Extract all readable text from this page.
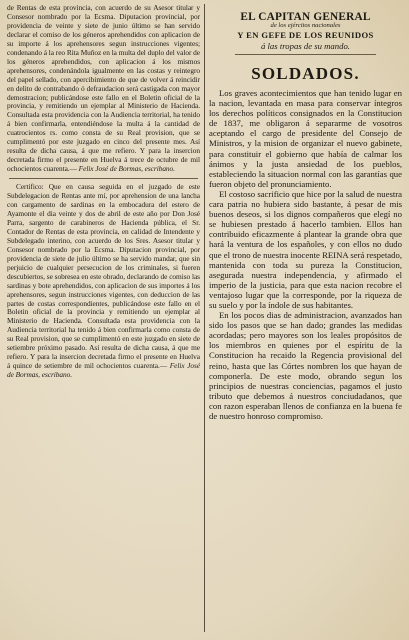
de Rentas de esta provincia, con acuerdo de su Asesor titular y Consesor nombrado por la Ecsma. Diputacion provincial, por providencia de veinte y siete de junio último se han servido declarar el comiso de los géneros aprehendidos con aplicacion de su importe á los aprehensores segun instrucciones vigentes; condenando á la reo Rita Muñoz en la multa del duplo del valor de los géneros aprehendidos, con aplicacion á los mismos aprehensores, condenándola igualmente en las costas y reintegro del papel sellado, con apercibimiento de que de volver á reincidir en delito de contrabando ó defraudacion será castigada con mayor demostracion; publicándose este fallo en el Boletin oficial de la provincia, y remitiendo un ejemplar al Ministerio de Hacienda. Consultada esta providencia con la Audiencia territorial, ha tenido á bien confirmarla, entendiéndose la multa á la cantidad de cuatrocientos rs. como consta de su Real provision, que se cumplimentó por este juzgado en cinco del presente mes. Así resulta de dicha causa, á que me refiero. Y para la insercion decretada firmo el presente en Huelva á trece de octubre de mil ochocientos cuarenta.— Felix José de Bormas, escribano.

Certifico: Que en causa seguida en el juzgado de este Subdelegacion de Rentas ante mí, por aprehension de una lancha con cargamento de sardinas en la embocadura del estero de Ayamonte el dia veinte y dos de abril de este año por Don José Parra, sargento de carabineros de Hacienda pública, el Sr. Contador de Rentas de esta provincia, en calidad de Intendente y Subdelegado interino, con acuerdo de los Sres. Asesor titular y Consesor nombrado por la Ecsma. Diputacion provincial, por providencia de siete de julio último se ha servido mandar, que sin perjuicio de cualquier persecucion de los criminales, si fueren descubiertos, se sobresea en este obrado, declarando de comiso las sardinas y bote aprehendidos, con aplicacion de sus importes á los aprehensores, segun instrucciones vigentes, con deduccion de las partes de costas correspondientes, publicándose este fallo en el Boletin oficial de la provincia y remitiendo un ejemplar al Ministerio de Hacienda. Consultada esta providencia con la Audiencia territorial ha tenido á bien confirmarla como consta de su Real provision, que se cumplimentó en este juzgado en siete de setiembre próximo pasado. Así resulta de dicha causa, á que me refiero. Y para la insercion decretada firmo el presente en Huelva á quince de setiembre de mil ochocientos cuarenta.— Felix José de Bormas, escribano.

EL CAPITAN GENERAL
de los ejércitos nacionales
Y EN GEFE DE LOS REUNIDOS
á las tropas de su mando.
SOLDADOS.

Los graves acontecimientos que han tenido lugar en la nacion, levantada en masa para conservar íntegros los derechos políticos consignados en la Constitucion de 1837, me obligaron á separarme de vosotros aceptando el cargo de presidente del Consejo de Ministros, y la mision de organizar el nuevo gabinete, para constituir el gobierno que había de calmar los ánimos y la justa ansiedad de los pueblos, estableciendo la situacion normal con las garantías que fueron objeto del pronunciamiento.

El costoso sacrificio que hice por la salud de nuestra cara patria no hubiera sido bastante, á pesar de mis buenos deseos, si los dignos compañeros que elegí no se hubiesen prestado á hacerlo tambien. Ellos han contribuido eficazmente á plantear la grande obra que hará la ventura de los españoles, y con ellos no dudo que el trono de nuestra inocente REINA será respetado, mantenida con toda su pureza la Constitucion, asegurada nuestra independencia, y afirmado el imperio de la justicia, para que esta nacion recobre el ventajoso lugar que la corresponde, por la riqueza de su suelo y por la índole de sus habitantes.

En los pocos dias de administracion, avanzados han sido los pasos que se han dado; grandes las medidas acordadas; pero mayores son los leales propósitos de los miembros en quienes por el espíritu de la Constitucion ha recaido la Regencia provisional del reino, hasta que las Córtes nombren los que hayan de componerla. De este modo, obrando segun los principios de nuestras conciencias, pagamos el justo tributo que debemos á nuestros conciudadanos, que con razon esperaban llenos de confianza en la buena fe de nuestro honroso compromiso.
